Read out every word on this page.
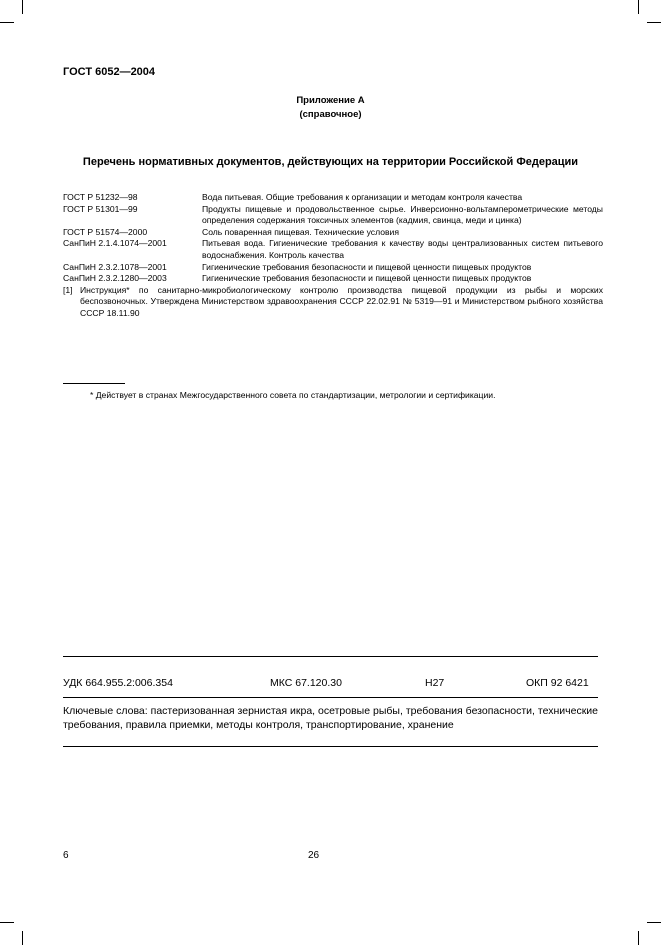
ГОСТ 6052—2004
Приложение А
(справочное)
Перечень нормативных документов, действующих на территории Российской Федерации
ГОСТ Р 51232—98	Вода питьевая. Общие требования к организации и методам контроля качества
ГОСТ Р 51301—99	Продукты пищевые и продовольственное сырье. Инверсионно-вольтамперометрические методы определения содержания токсичных элементов (кадмия, свинца, меди и цинка)
ГОСТ Р 51574—2000	Соль поваренная пищевая. Технические условия
СанПиН 2.1.4.1074—2001	Питьевая вода. Гигиенические требования к качеству воды централизованных систем питьевого водоснабжения. Контроль качества
СанПиН 2.3.2.1078—2001	Гигиенические требования безопасности и пищевой ценности пищевых продуктов
СанПиН 2.3.2.1280—2003	Гигиенические требования безопасности и пищевой ценности пищевых продуктов
[1] Инструкция* по санитарно-микробиологическому контролю производства пищевой продукции из рыбы и морских беспозвоночных. Утверждена Министерством здравоохранения СССР 22.02.91 № 5319—91 и Министерством рыбного хозяйства СССР 18.11.90
* Действует в странах Межгосударственного совета по стандартизации, метрологии и сертификации.
УДК 664.955.2:006.354	МКС 67.120.30	Н27	ОКП 92 6421
Ключевые слова: пастеризованная зернистая икра, осетровые рыбы, требования безопасности, технические требования, правила приемки, методы контроля, транспортирование, хранение
6	26
